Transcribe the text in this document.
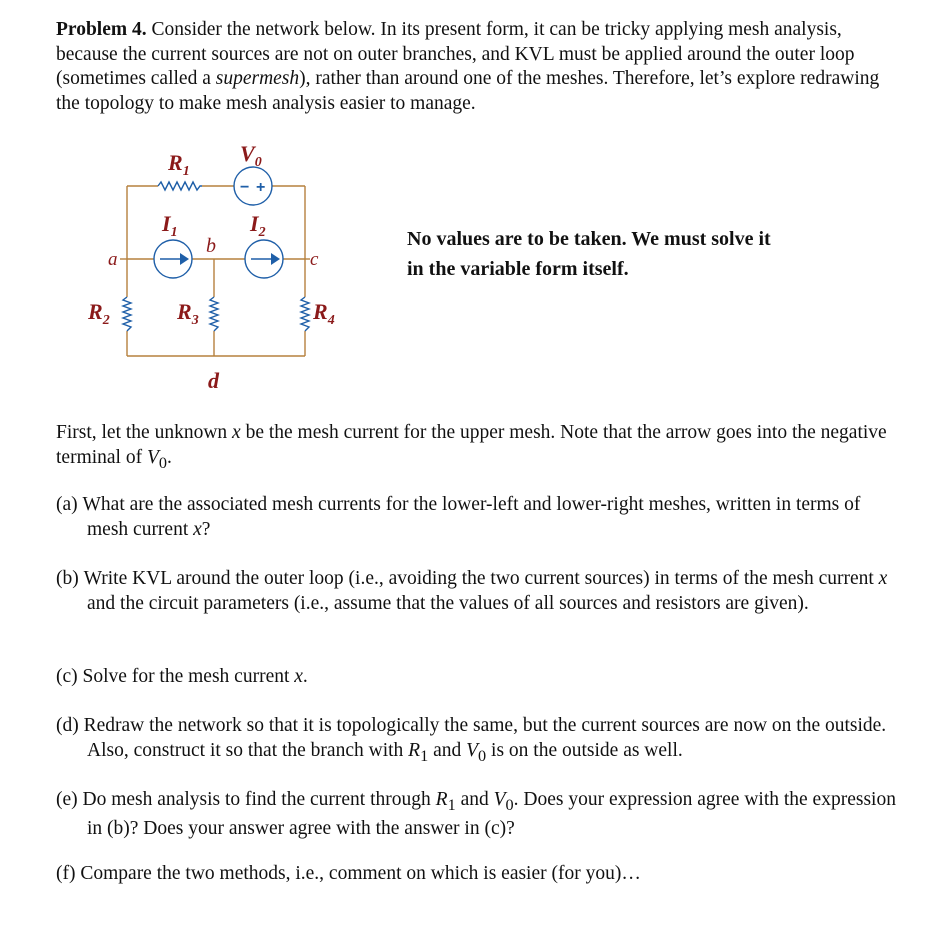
Problem 4. Consider the network below. In its present form, it can be tricky applying mesh analysis, because the current sources are not on outer branches, and KVL must be applied around the outer loop (sometimes called a supermesh), rather than around one of the meshes. Therefore, let’s explore redrawing the topology to make mesh analysis easier to manage.
− +
$R_1$
$V_0$
$I_1$	$I_2$
$R_2$	$R_3$	$R_4$
a
b
c
d
No values are to be taken. We must solve it in the variable form itself.
First, let the unknown x be the mesh current for the upper mesh. Note that the arrow goes into the negative terminal of $V_0$.
(a) What are the associated mesh currents for the lower-left and lower-right meshes, written in terms of mesh current x?
(b) Write KVL around the outer loop (i.e., avoiding the two current sources) in terms of the mesh current x and the circuit parameters (i.e., assume that the values of all sources and resistors are given).
(c) Solve for the mesh current x.
(d) Redraw the network so that it is topologically the same, but the current sources are now on the outside. Also, construct it so that the branch with $R_1$ and $V_0$ is on the outside as well.
(e) Do mesh analysis to find the current through $R_1$ and $V_0$. Does your expression agree with the expression in (b)? Does your answer agree with the answer in (c)?
(f) Compare the two methods, i.e., comment on which is easier (for you)…
